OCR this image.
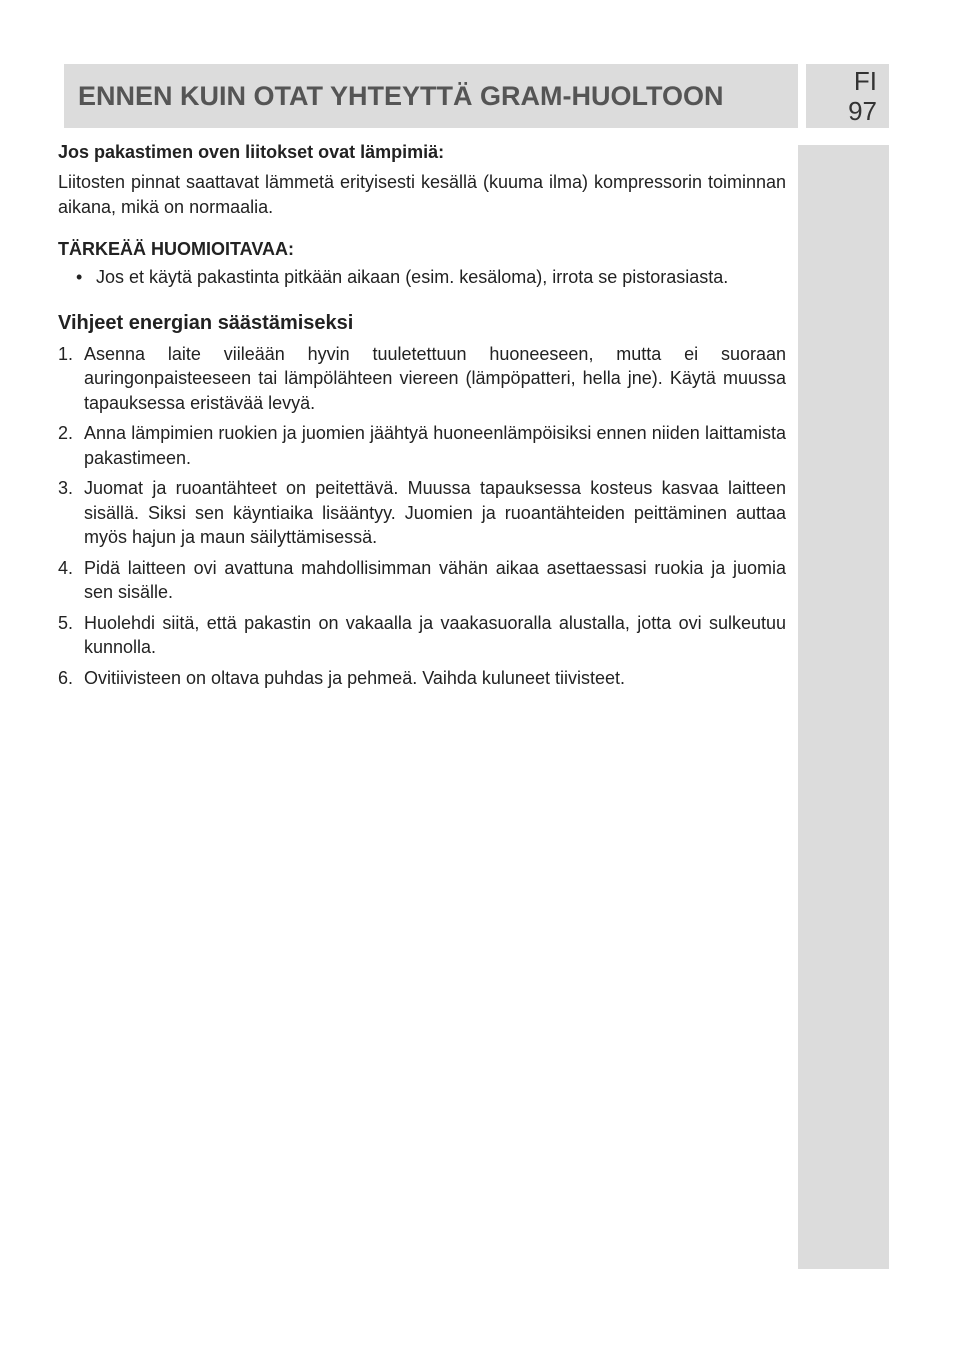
ENNEN KUIN OTAT YHTEYTTÄ GRAM-HUOLTOON	FI
97

Jos pakastimen oven liitokset ovat lämpimiä:

Liitosten pinnat saattavat lämmetä erityisesti kesällä (kuuma ilma) kompressorin toiminnan aikana, mikä on normaalia.

TÄRKEÄÄ HUOMIOITAVAA:

• Jos et käytä pakastinta pitkään aikaan (esim. kesäloma), irrota se pistorasiasta.
Vihjeet energian säästämiseksi
1. Asenna laite viileään hyvin tuuletettuun huoneeseen, mutta ei suoraan auringonpaisteeseen tai lämpölähteen viereen (lämpöpatteri, hella jne). Käytä muussa tapauksessa eristävää levyä.
2. Anna lämpimien ruokien ja juomien jäähtyä huoneenlämpöisiksi ennen niiden laittamista pakastimeen.
3. Juomat ja ruoantähteet on peitettävä. Muussa tapauksessa kosteus kasvaa laitteen sisällä. Siksi sen käyntiaika lisääntyy. Juomien ja ruoantähteiden peittäminen auttaa myös hajun ja maun säilyttämisessä.
4. Pidä laitteen ovi avattuna mahdollisimman vähän aikaa asettaessasi ruokia ja juomia sen sisälle.
5. Huolehdi siitä, että pakastin on vakaalla ja vaakasuoralla alustalla, jotta ovi sulkeutuu kunnolla.
6. Ovitiivisteen on oltava puhdas ja pehmeä. Vaihda kuluneet tiivisteet.
